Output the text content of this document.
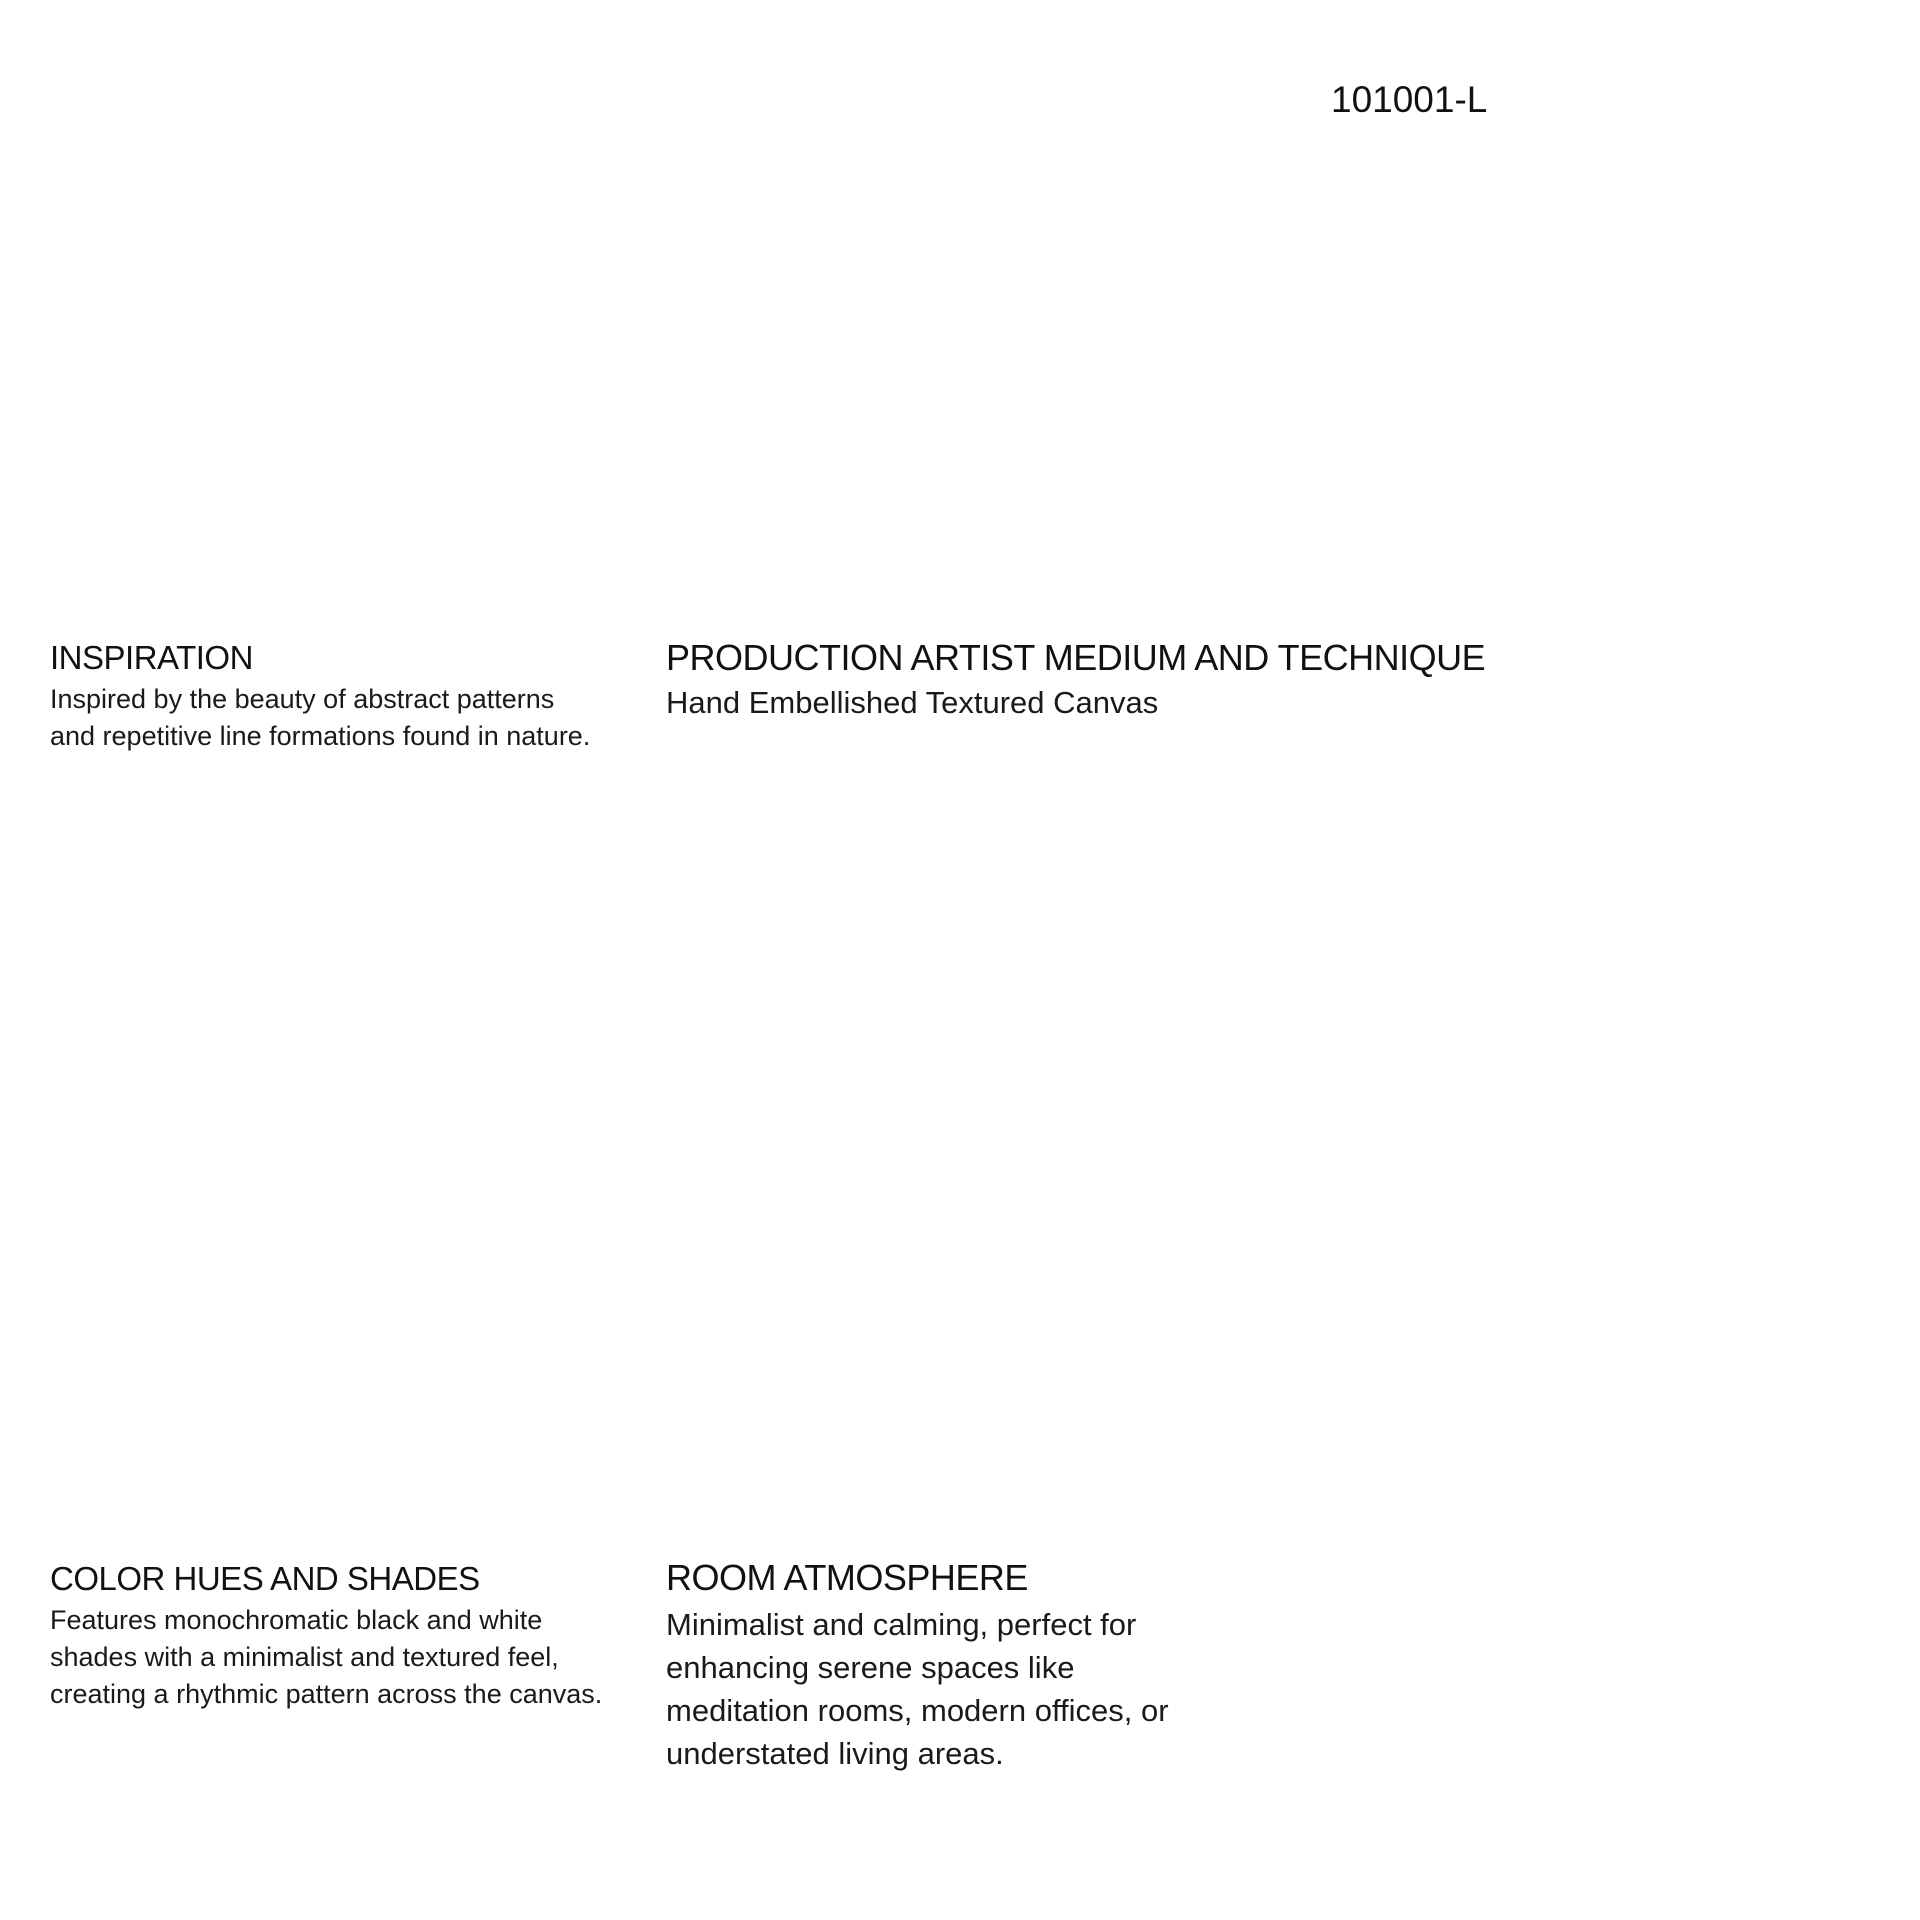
101001-L
INSPIRATION

Inspired by the beauty of abstract patterns
and repetitive line formations found in nature.

PRODUCTION ARTIST MEDIUM AND TECHNIQUE

Hand Embellished Textured Canvas

COLOR HUES AND SHADES

Features monochromatic black and white
shades with a minimalist and textured feel,
creating a rhythmic pattern across the canvas.

ROOM ATMOSPHERE

Minimalist and calming, perfect for
enhancing serene spaces like
meditation rooms, modern offices, or
understated living areas.
